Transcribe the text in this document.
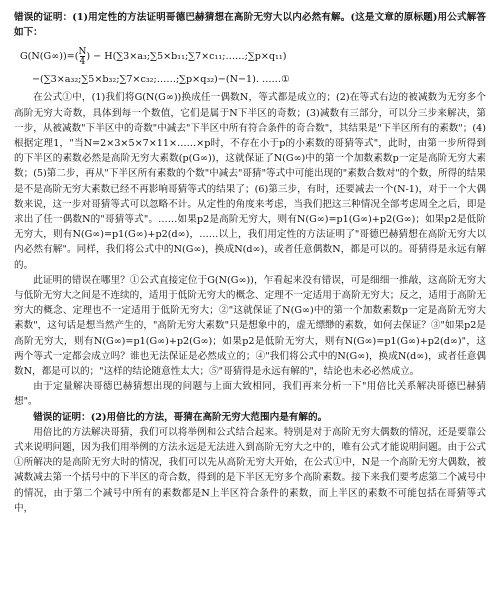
错误的证明：(1)用定性的方法证明哥德巴赫猜想在高阶无穷大以内必然有解。(这是文章的原标题)用公式解答如下：

$G(N(G\infty))=(\frac{N}{4})$ − H(∑3×a₃;∑5×b₁₁;∑7×c₁₁;……;∑p×q₁₁)
−(∑3×a₃₂;∑5×b₃₂;∑7×c₃₂;……;∑p×q₃₂)−(N−1). ……①

在公式①中，(1)我们将G(N(G∞))换成任一偶数N，等式都是成立的；(2)在等式右边的被减数为无穷多个高阶无穷大奇数，具体到每一个数值，它们是属于N下半区的奇数；(3)减数有三部分，可以分三步来解决，第一步，从被减数"下半区中的奇数"中减去"下半区中所有符合条件的奇合数"，其结果是"下半区所有的素数"；(4)根据定理1，"当N=2×3×5×7×11×……×p时，不存在小于p的小素数的哥猜等式"，此时，由第一步所得到的下半区的素数必然是高阶无穷大素数(p(G∞))，这就保证了N(G∞)中的第一个加数素数p一定是高阶无穷大素数；(5)第二步，再从"下半区所有素数的个数"中减去"哥猜"等式中可能出现的"素数合数对"的个数，所得的结果是不是高阶无穷大素数已经不再影响哥猜等式的结果了；(6)第三步，有时，还要减去一个(N-1)，对于一个大偶数来说，这一步对哥猜等式可以忽略不计。从定性的角度来考虑，当我们把这三种情况全部考虑周全之后，即是求出了任一偶数N的"哥猜等式"。……如果p2是高阶无穷大，则有N(G∞)=p1(G∞)+p2(G∞)；如果p2是低阶无穷大，则有N(G∞)=p1(G∞)+p2(d∞)，……以上，我们用定性的方法证明了"哥德巴赫猜想在高阶无穷大以内必然有解"。同样，我们将公式中的N(G∞)，换成N(d∞)，或者任意偶数N，都是可以的。哥猜得是永远有解的。

此证明的错误在哪里？①公式直接定位于G(N(G∞))，乍看起来没有错误，可是细细一推敲，这高阶无穷大与低阶无穷大之间是不连续的，适用于低阶无穷大的概念、定理不一定适用于高阶无穷大；反之，适用于高阶无穷大的概念、定理也不一定适用于低阶无穷大；②"这就保证了N(G∞)中的第一个加数素数p一定是高阶无穷大素数"，这句话是想当然产生的，"高阶无穷大素数"只是想象中的，虚无缥缈的素数，如何去保证？③"如果p2是高阶无穷大，则有N(G∞)=p1(G∞)+p2(G∞)；如果p2是低阶无穷大，则有N(G∞)=p1(G∞)+p2(d∞)"，这两个等式一定都会成立吗？谁也无法保证是必然成立的；④"我们将公式中的N(G∞)，换成N(d∞)，或者任意偶数N，都是可以的；"这样的结论随意性太大；⑤"哥猜得是永远有解的"，结论也未必必然成立。

由于定量解决哥德巴赫猜想出现的问题与上面大致相同，我们再来分析一下"用倍比关系解决哥德巴赫猜想"。

错误的证明：(2)用倍比的方法，哥猜在高阶无穷大范围内是有解的。

用倍比的方法解决哥猜，我们可以将举例和公式结合起来。特别是对于高阶无穷大偶数的情况，还是要靠公式来说明问题，因为我们用举例的方法永远是无法进入到高阶无穷大之中的，唯有公式才能说明问题。由于公式①所解决的是高阶无穷大时的情况，我们可以先从高阶无穷大开始，在公式①中，N是一个高阶无穷大偶数，被减数减去第一个括号中的下半区的奇合数，得到的是下半区无穷多个高阶素数。接下来我们要考虑第二个减号中的情况，由于第二个减号中所有的素数都是N上半区符合条件的素数，而上半区的素数不可能包括在哥猜等式中，
